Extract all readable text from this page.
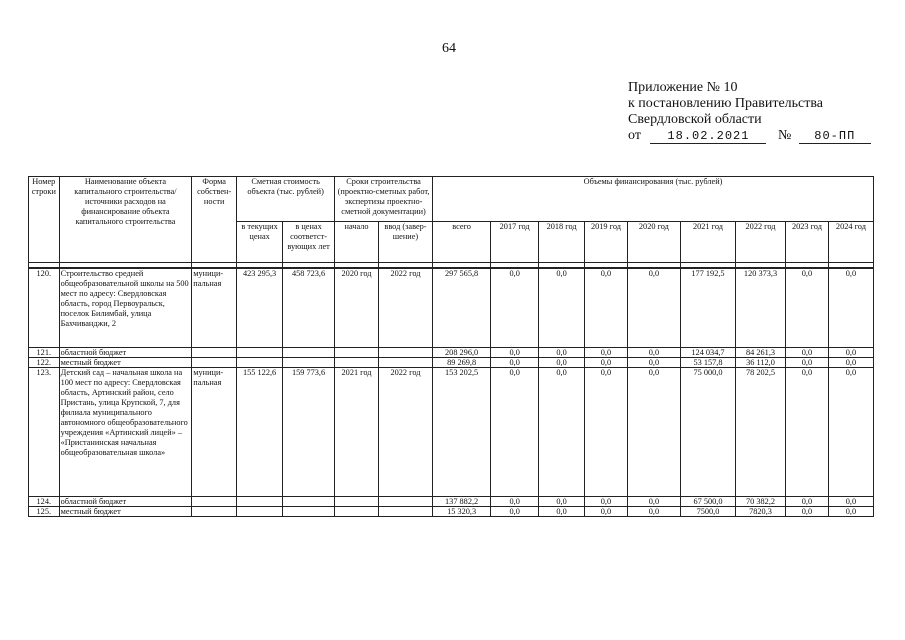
64
Приложение № 10
к постановлению Правительства
Свердловской области
от 18.02.2021 № 80-ПП
Номер строки	Наименование объекта капитального строительства/ источники расходов на финансирование объекта капитального строительства	Форма собствен-ности	Сметная стоимость объекта (тыс. рублей)		Сроки строительства (проектно-сметных работ, экспертизы проектно-сметной документации)		Объемы финансирования (тыс. рублей)								
			в текущих ценах	в ценах соответст-вующих лет	начало	ввод (завер-шение)	всего	2017 год	2018 год	2019 год	2020 год	2021 год	2022 год	2023 год	2024 год

120.	Строительство средней общеобразовательной школы на 500 мест по адресу: Свердловская область, город Первоуральск, поселок Билимбай, улица Бахчиванджи, 2	муници-пальная	423 295,3	458 723,6	2020 год	2022 год	297 565,8	0,0	0,0	0,0	0,0	177 192,5	120 373,3	0,0	0,0
121.	областной бюджет						208 296,0	0,0	0,0	0,0	0,0	124 034,7	84 261,3	0,0	0,0
122.	местный бюджет						89 269,8	0,0	0,0	0,0	0,0	53 157,8	36 112,0	0,0	0,0
123.	Детский сад – начальная школа на 100 мест по адресу: Свердловская область, Артинский район, село Пристань, улица Крупской, 7, для филиала муниципального автономного общеобразовательного учреждения «Артинский лицей» – «Пристанинская начальная общеобразовательная школа»	муници-пальная	155 122,6	159 773,6	2021 год	2022 год	153 202,5	0,0	0,0	0,0	0,0	75 000,0	78 202,5	0,0	0,0
124.	областной бюджет						137 882,2	0,0	0,0	0,0	0,0	67 500,0	70 382,2	0,0	0,0
125.	местный бюджет						15 320,3	0,0	0,0	0,0	0,0	7500,0	7820,3	0,0	0,0
